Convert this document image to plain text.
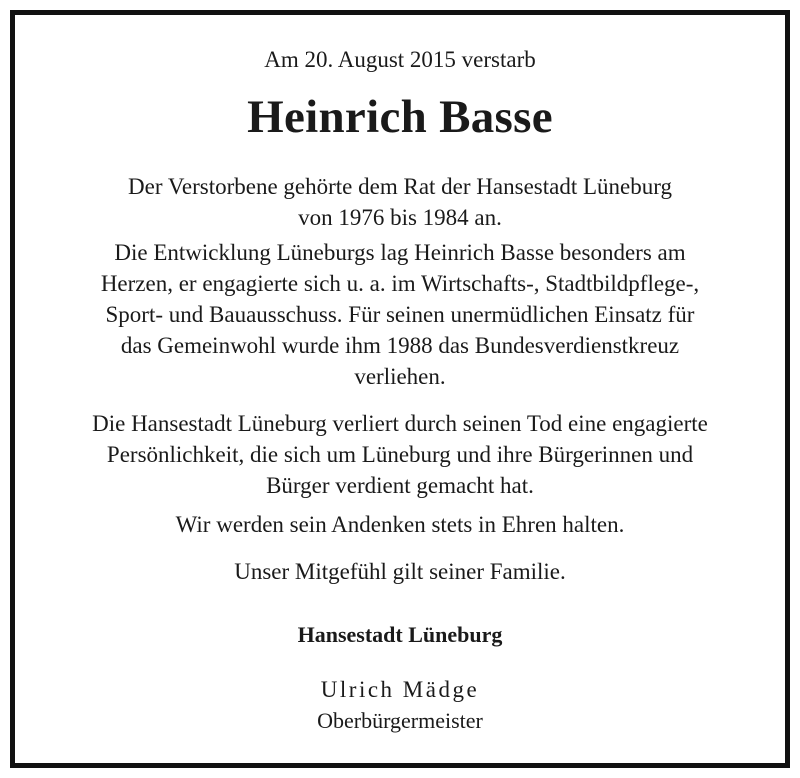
Am 20. August 2015 verstarb
Heinrich Basse
Der Verstorbene gehörte dem Rat der Hansestadt Lüneburg
von 1976 bis 1984 an.
Die Entwicklung Lüneburgs lag Heinrich Basse besonders am
Herzen, er engagierte sich u. a. im Wirtschafts-, Stadtbildpflege-,
Sport- und Bauausschuss. Für seinen unermüdlichen Einsatz für
das Gemeinwohl wurde ihm 1988 das Bundesverdienstkreuz
verliehen.
Die Hansestadt Lüneburg verliert durch seinen Tod eine engagierte
Persönlichkeit, die sich um Lüneburg und ihre Bürgerinnen und
Bürger verdient gemacht hat.
Wir werden sein Andenken stets in Ehren halten.
Unser Mitgefühl gilt seiner Familie.
Hansestadt Lüneburg
Ulrich Mädge
Oberbürgermeister
